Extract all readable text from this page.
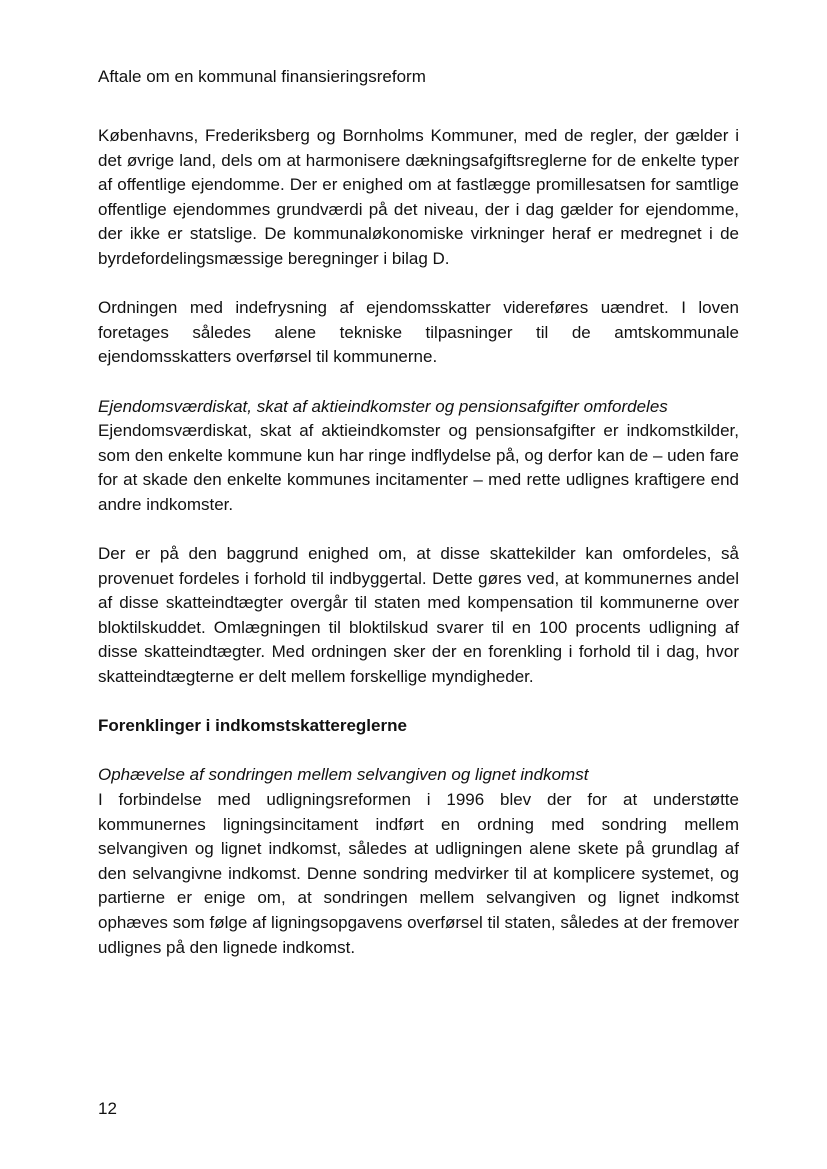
Aftale om en kommunal finansieringsreform

Københavns, Frederiksberg og Bornholms Kommuner, med de regler, der gælder i det øvrige land, dels om at harmonisere dækningsafgiftsreglerne for de enkelte typer af offentlige ejendomme. Der er enighed om at fastlægge promillesatsen for samtlige offentlige ejendommes grundværdi på det niveau, der i dag gælder for ejendomme, der ikke er statslige. De kommunaløkonomiske virkninger heraf er medregnet i de byrdefordelingsmæssige beregninger i bilag D.

Ordningen med indefrysning af ejendomsskatter videreføres uændret. I loven foretages således alene tekniske tilpasninger til de amtskommunale ejendomsskatters overførsel til kommunerne.

Ejendomsværdiskat, skat af aktieindkomster og pensionsafgifter omfordeles

Ejendomsværdiskat, skat af aktieindkomster og pensionsafgifter er indkomstkilder, som den enkelte kommune kun har ringe indflydelse på, og derfor kan de – uden fare for at skade den enkelte kommunes incitamenter – med rette udlignes kraftigere end andre indkomster.

Der er på den baggrund enighed om, at disse skattekilder kan omfordeles, så provenuet fordeles i forhold til indbyggertal. Dette gøres ved, at kommunernes andel af disse skatteindtægter overgår til staten med kompensation til kommunerne over bloktilskuddet. Omlægningen til bloktilskud svarer til en 100 procents udligning af disse skatteindtægter. Med ordningen sker der en forenkling i forhold til i dag, hvor skatteindtægterne er delt mellem forskellige myndigheder.

Forenklinger i indkomstskattereglerne

Ophævelse af sondringen mellem selvangiven og lignet indkomst

I forbindelse med udligningsreformen i 1996 blev der for at understøtte kommunernes ligningsincitament indført en ordning med sondring mellem selvangiven og lignet indkomst, således at udligningen alene skete på grundlag af den selvangivne indkomst. Denne sondring medvirker til at komplicere systemet, og partierne er enige om, at sondringen mellem selvangiven og lignet indkomst ophæves som følge af ligningsopgavens overførsel til staten, således at der fremover udlignes på den lignede indkomst.

12
